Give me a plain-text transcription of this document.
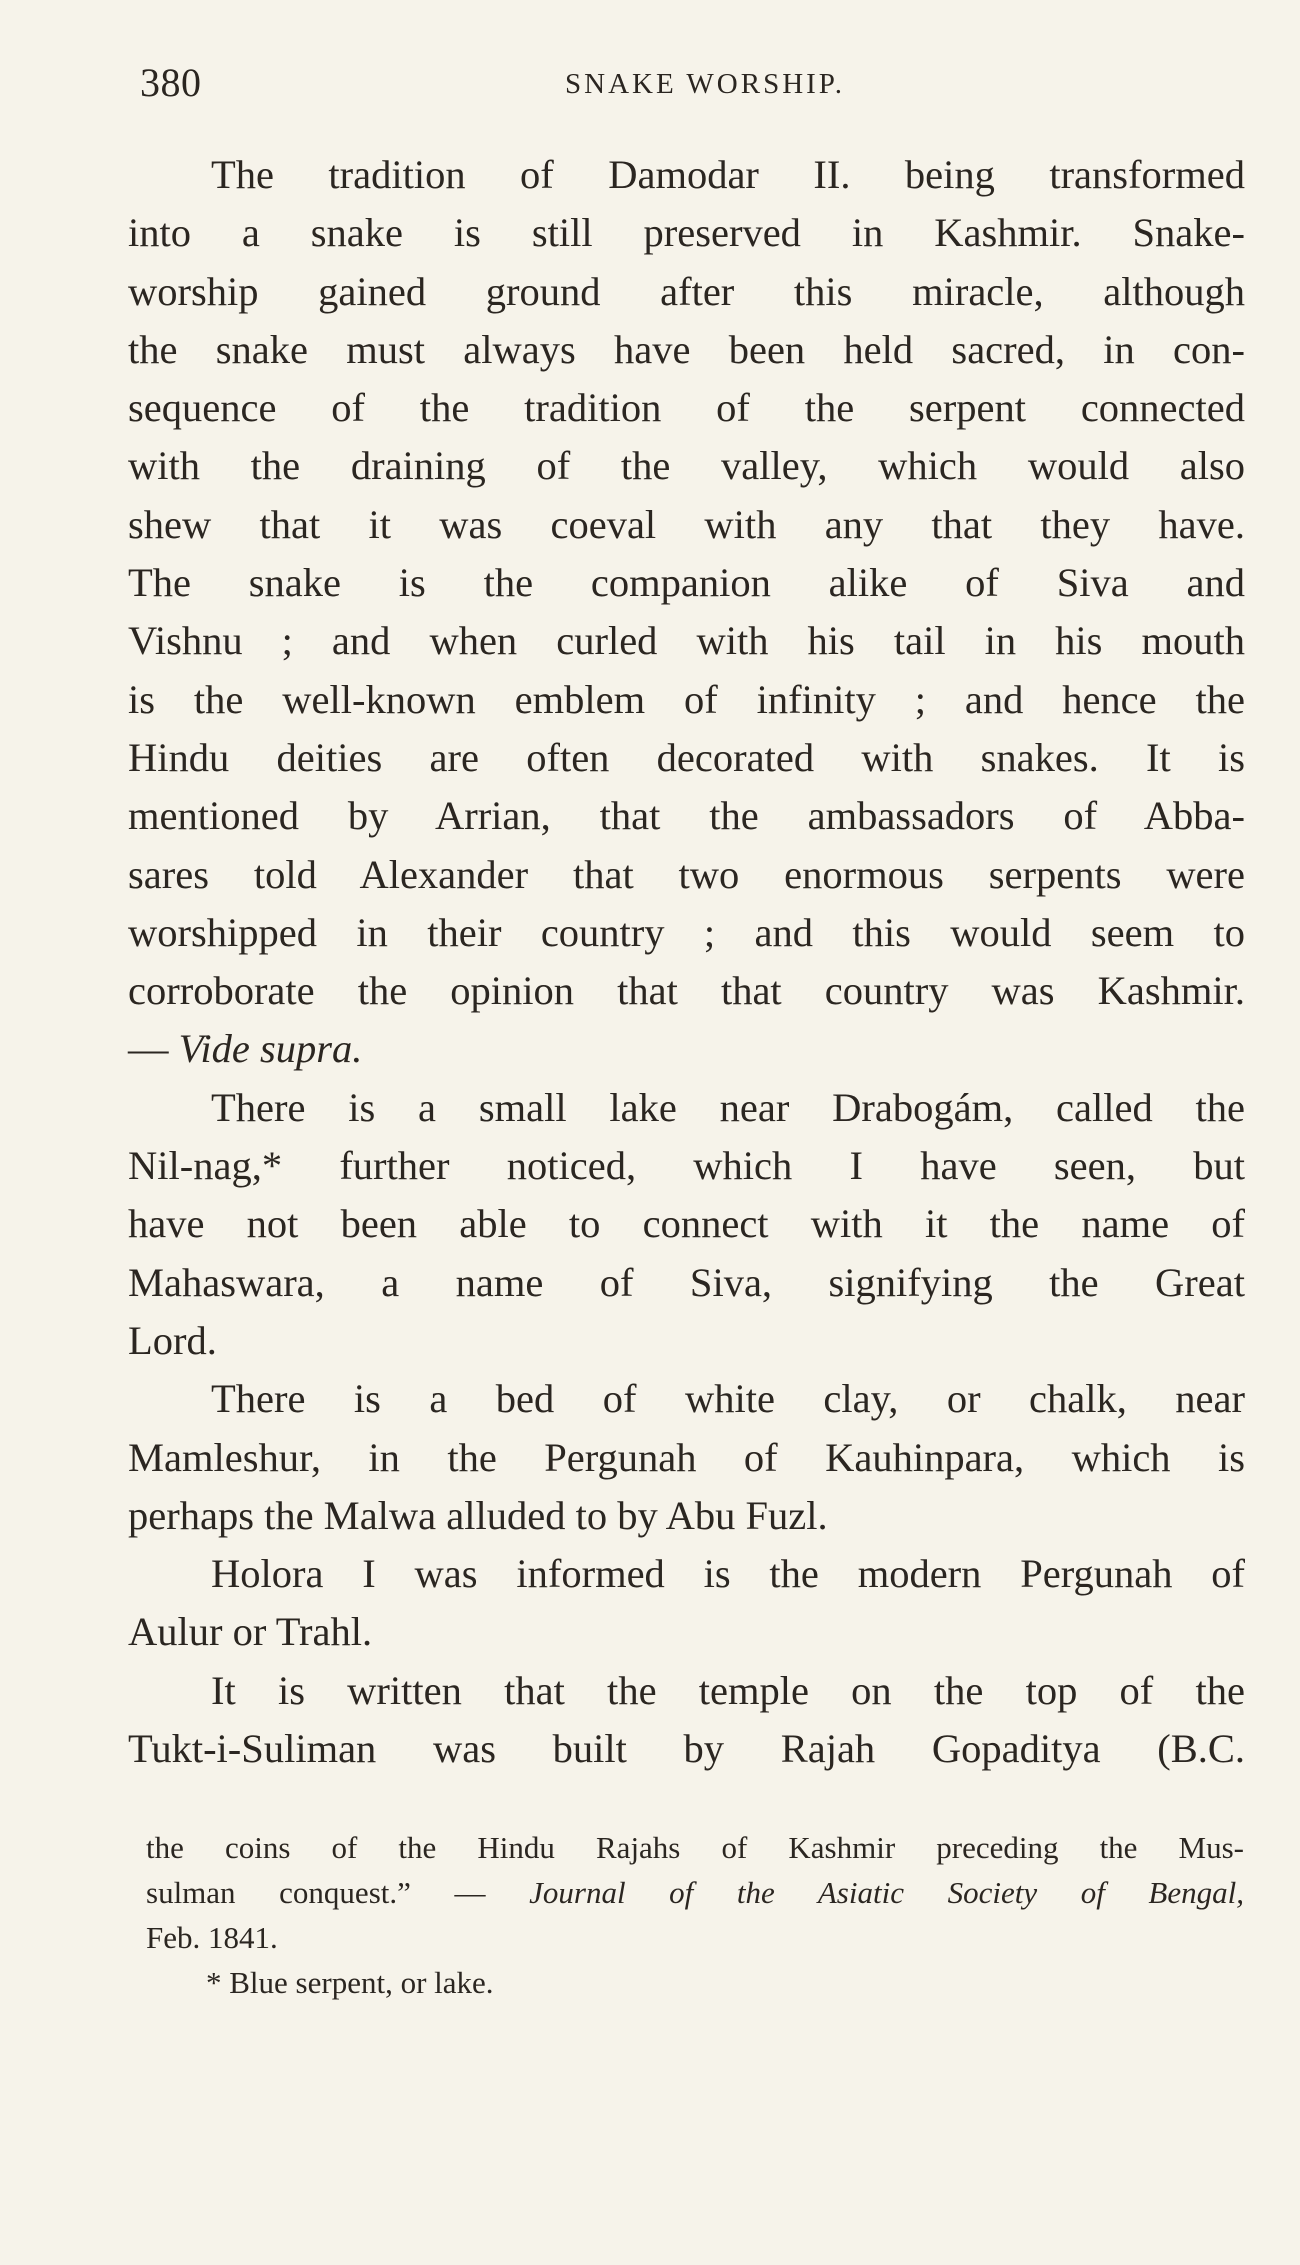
380	SNAKE WORSHIP.
The tradition of Damodar II. being transformed
into a snake is still preserved in Kashmir. Snake-
worship gained ground after this miracle, although
the snake must always have been held sacred, in con-
sequence of the tradition of the serpent connected
with the draining of the valley, which would also
shew that it was coeval with any that they have.
The snake is the companion alike of Siva and
Vishnu ; and when curled with his tail in his mouth
is the well-known emblem of infinity ; and hence the
Hindu deities are often decorated with snakes. It is
mentioned by Arrian, that the ambassadors of Abba-
sares told Alexander that two enormous serpents were
worshipped in their country ; and this would seem to
corroborate the opinion that that country was Kashmir.
— Vide supra.
There is a small lake near Drabogám, called the
Nil-nag,* further noticed, which I have seen, but
have not been able to connect with it the name of
Mahaswara, a name of Siva, signifying the Great
Lord.
There is a bed of white clay, or chalk, near
Mamleshur, in the Pergunah of Kauhinpara, which is
perhaps the Malwa alluded to by Abu Fuzl.
Holora I was informed is the modern Pergunah of
Aulur or Trahl.
It is written that the temple on the top of the
Tukt-i-Suliman was built by Rajah Gopaditya (B.C.
the coins of the Hindu Rajahs of Kashmir preceding the Mus-
sulman conquest.” — Journal of the Asiatic Society of Bengal,
Feb. 1841.
* Blue serpent, or lake.
